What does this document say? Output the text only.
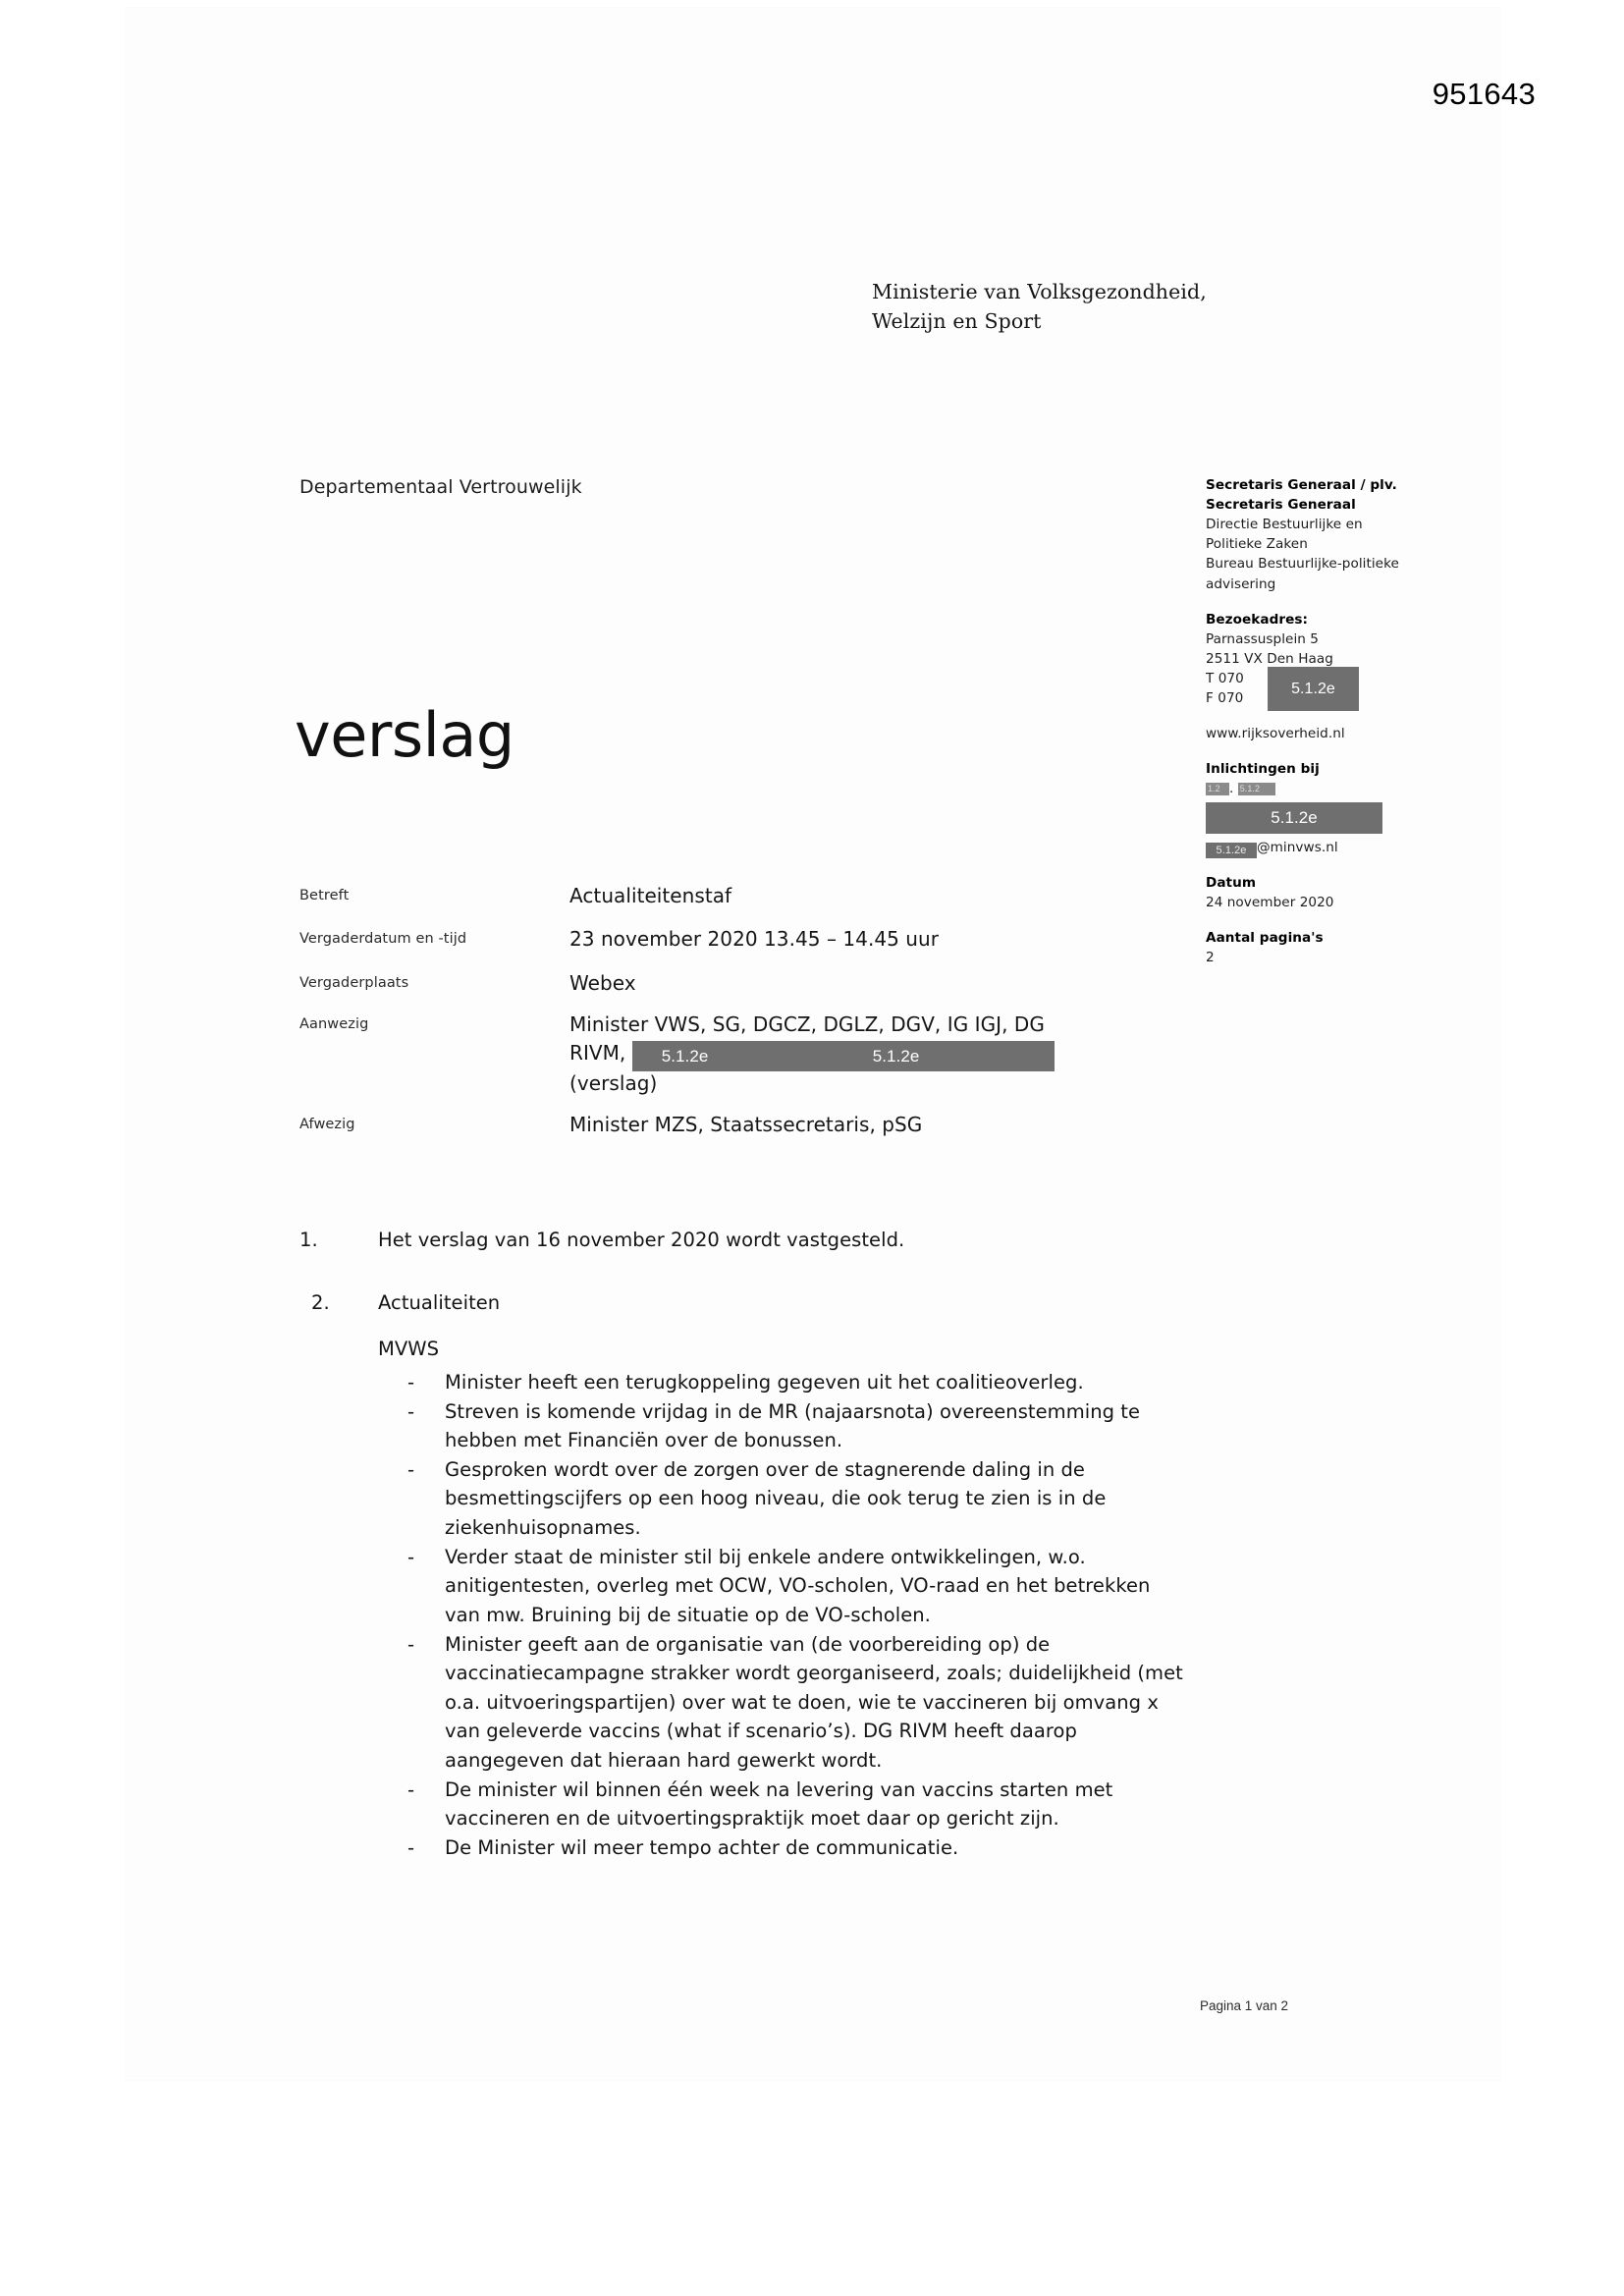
951643
Ministerie van Volksgezondheid,
Welzijn en Sport
Departementaal Vertrouwelijk
verslag
Betreft	Actualiteitenstaf
Vergaderdatum en -tijd	23 november 2020 13.45 – 14.45 uur
Vergaderplaats	Webex
Aanwezig	Minister VWS, SG, DGCZ, DGLZ, DGV, IG IGJ, DG
RIVM, 5.1.2e	5.1.2e
(verslag)
Afwezig	Minister MZS, Staatssecretaris, pSG
Secretaris Generaal / plv.
Secretaris Generaal
Directie Bestuurlijke en
Politieke Zaken
Bureau Bestuurlijke-politieke
advisering
Bezoekadres:
Parnassusplein 5
2511 VX Den Haag
T 070
F 070
5.1.2e
www.rijksoverheid.nl
Inlichtingen bij
1.2 . 5.1.2
5.1.2e
5.1.2e @minvws.nl
Datum
24 november 2020
Aantal pagina's
2
1.	Het verslag van 16 november 2020 wordt vastgesteld.
2.	Actualiteiten
MVWS
- Minister heeft een terugkoppeling gegeven uit het coalitieoverleg.
- Streven is komende vrijdag in de MR (najaarsnota) overeenstemming te hebben met Financiën over de bonussen.
- Gesproken wordt over de zorgen over de stagnerende daling in de besmettingscijfers op een hoog niveau, die ook terug te zien is in de ziekenhuisopnames.
- Verder staat de minister stil bij enkele andere ontwikkelingen, w.o. anitigentesten, overleg met OCW, VO-scholen, VO-raad en het betrekken van mw. Bruining bij de situatie op de VO-scholen.
- Minister geeft aan de organisatie van (de voorbereiding op) de vaccinatiecampagne strakker wordt georganiseerd, zoals; duidelijkheid (met o.a. uitvoeringspartijen) over wat te doen, wie te vaccineren bij omvang x van geleverde vaccins (what if scenario’s). DG RIVM heeft daarop aangegeven dat hieraan hard gewerkt wordt.
- De minister wil binnen één week na levering van vaccins starten met vaccineren en de uitvoertingspraktijk moet daar op gericht zijn.
- De Minister wil meer tempo achter de communicatie.
Pagina 1 van 2
